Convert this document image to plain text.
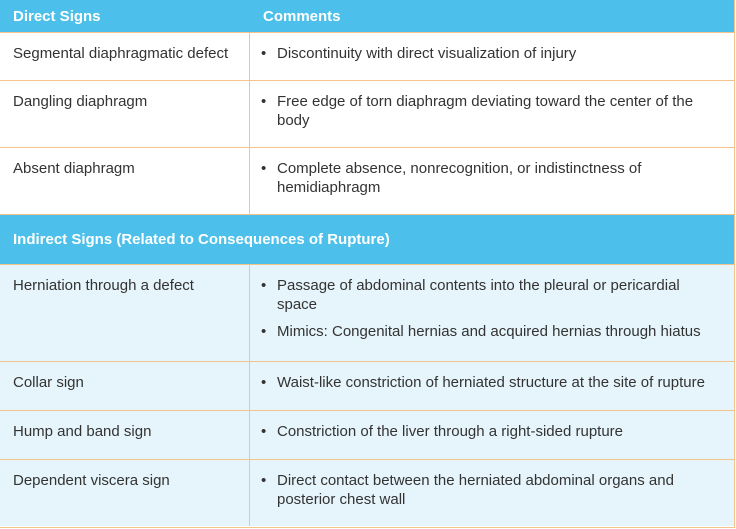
Direct Signs	Comments
Segmental diaphragmatic defect	• Discontinuity with direct visualization of injury
Dangling diaphragm	• Free edge of torn diaphragm deviating toward the center of the body
Absent diaphragm	• Complete absence, nonrecognition, or indistinctness of hemidiaphragm
Indirect Signs (Related to Consequences of Rupture)
Herniation through a defect	• Passage of abdominal contents into the pleural or pericardial space
• Mimics: Congenital hernias and acquired hernias through hiatus
Collar sign	• Waist-like constriction of herniated structure at the site of rupture
Hump and band sign	• Constriction of the liver through a right-sided rupture
Dependent viscera sign	• Direct contact between the herniated abdominal organs and posterior chest wall
